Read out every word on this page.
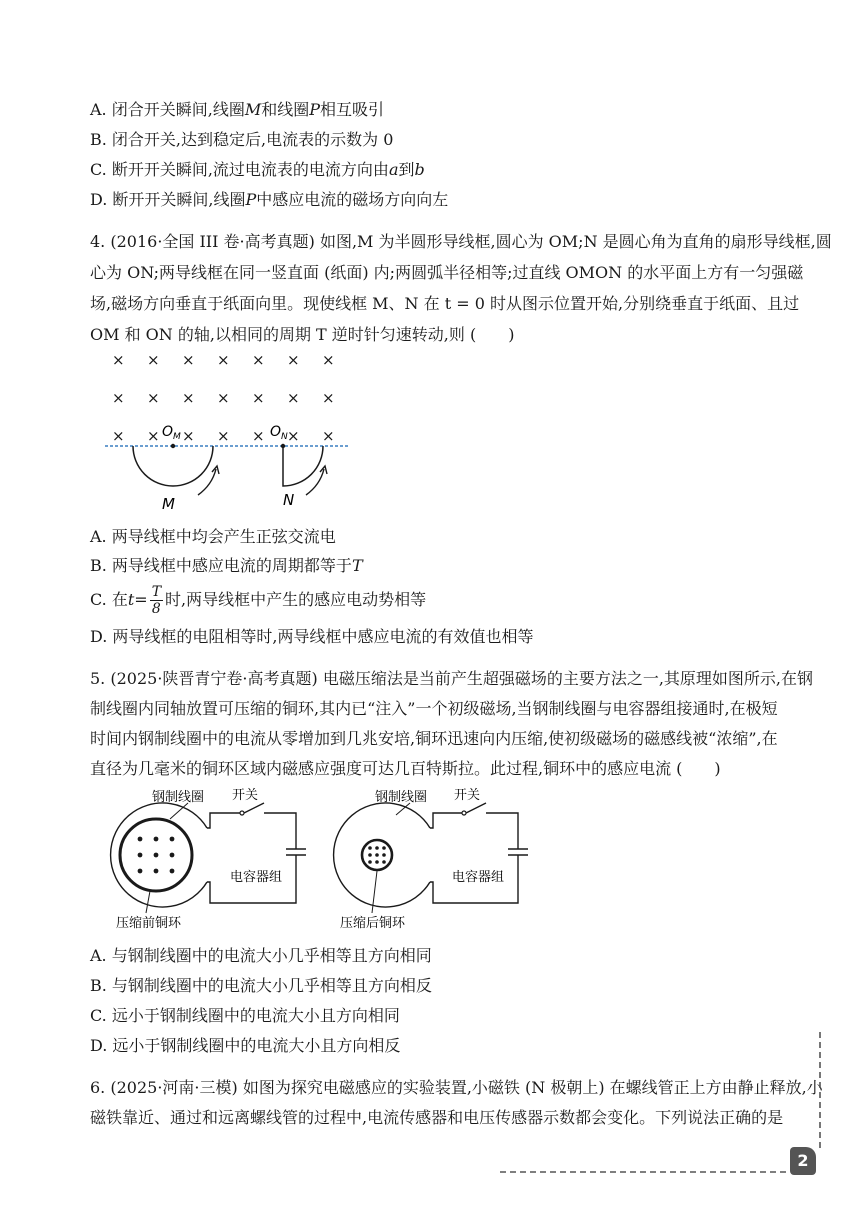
A. 闭合开关瞬间,线圈M和线圈P相互吸引
B. 闭合开关,达到稳定后,电流表的示数为 0
C. 断开开关瞬间,流过电流表的电流方向由a到b
D. 断开开关瞬间,线圈P中感应电流的磁场方向向左
4. (2016·全国 III 卷·高考真题) 如图,M 为半圆形导线框,圆心为 OM;N 是圆心角为直角的扇形导线框,圆
心为 ON;两导线框在同一竖直面 (纸面) 内;两圆弧半径相等;过直线 OMON 的水平面上方有一匀强磁
场,磁场方向垂直于纸面向里。现使线框 M、N 在 t = 0 时从图示位置开始,分别绕垂直于纸面、且过
OM 和 ON 的轴,以相同的周期 T 逆时针匀速转动,则 (　　)
× × × × × × ×
× × × × × × ×
× × × × × × ×
$O_M$	$O_N$
M	N
A. 两导线框中均会产生正弦交流电
B. 两导线框中感应电流的周期都等于T
C. 在$t= \frac{T}{8}$ 时,两导线框中产生的感应电动势相等
D. 两导线框的电阻相等时,两导线框中感应电流的有效值也相等
5. (2025·陕晋青宁卷·高考真题) 电磁压缩法是当前产生超强磁场的主要方法之一,其原理如图所示,在钢
制线圈内同轴放置可压缩的铜环,其内已“注入”一个初级磁场,当钢制线圈与电容器组接通时,在极短
时间内钢制线圈中的电流从零增加到几兆安培,铜环迅速向内压缩,使初级磁场的磁感线被“浓缩”,在
直径为几毫米的铜环区域内磁感应强度可达几百特斯拉。此过程,铜环中的感应电流 (　　)
钢制线圈 开关
电容器组
压缩前铜环
钢制线圈 开关
电容器组
压缩后铜环
A. 与钢制线圈中的电流大小几乎相等且方向相同
B. 与钢制线圈中的电流大小几乎相等且方向相反
C. 远小于钢制线圈中的电流大小且方向相同
D. 远小于钢制线圈中的电流大小且方向相反
6. (2025·河南·三模) 如图为探究电磁感应的实验装置,小磁铁 (N 极朝上) 在螺线管正上方由静止释放,小
磁铁靠近、通过和远离螺线管的过程中,电流传感器和电压传感器示数都会变化。下列说法正确的是
2
